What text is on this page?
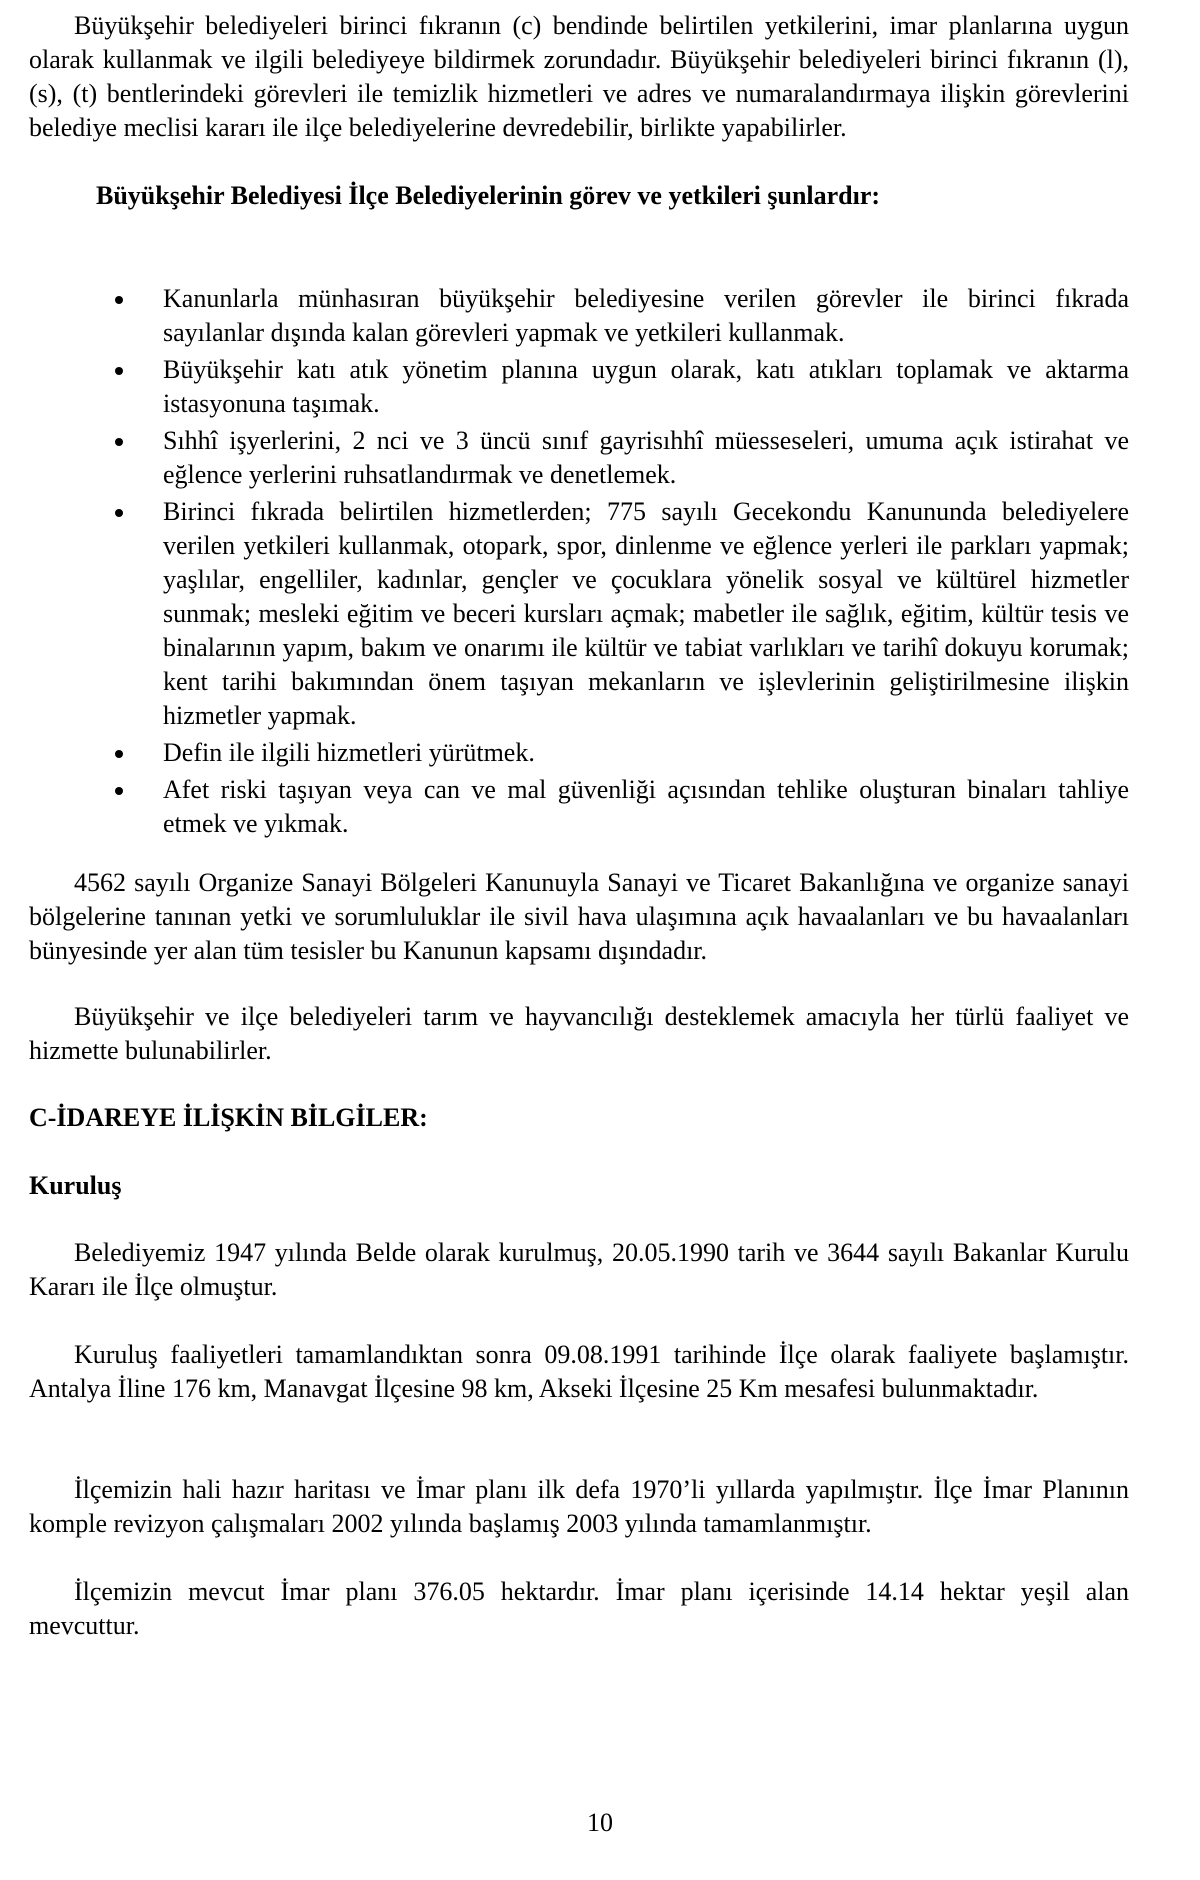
Büyükşehir belediyeleri birinci fıkranın (c) bendinde belirtilen yetkilerini, imar planlarına uygun olarak kullanmak ve ilgili belediyeye bildirmek zorundadır. Büyükşehir belediyeleri birinci fıkranın (l), (s), (t) bentlerindeki görevleri ile temizlik hizmetleri ve adres ve numaralandırmaya ilişkin görevlerini belediye meclisi kararı ile ilçe belediyelerine devredebilir, birlikte yapabilirler.

Büyükşehir Belediyesi İlçe Belediyelerinin görev ve yetkileri şunlardır:

Kanunlarla münhasıran büyükşehir belediyesine verilen görevler ile birinci fıkrada sayılanlar dışında kalan görevleri yapmak ve yetkileri kullanmak.
Büyükşehir katı atık yönetim planına uygun olarak, katı atıkları toplamak ve aktarma istasyonuna taşımak.
Sıhhî işyerlerini, 2 nci ve 3 üncü sınıf gayrisıhhî müesseseleri, umuma açık istirahat ve eğlence yerlerini ruhsatlandırmak ve denetlemek.
Birinci fıkrada belirtilen hizmetlerden; 775 sayılı Gecekondu Kanununda belediyelere verilen yetkileri kullanmak, otopark, spor, dinlenme ve eğlence yerleri ile parkları yapmak; yaşlılar, engelliler, kadınlar, gençler ve çocuklara yönelik sosyal ve kültürel hizmetler sunmak; mesleki eğitim ve beceri kursları açmak; mabetler ile sağlık, eğitim, kültür tesis ve binalarının yapım, bakım ve onarımı ile kültür ve tabiat varlıkları ve tarihî dokuyu korumak; kent tarihi bakımından önem taşıyan mekanların ve işlevlerinin geliştirilmesine ilişkin hizmetler yapmak.
Defin ile ilgili hizmetleri yürütmek.
Afet riski taşıyan veya can ve mal güvenliği açısından tehlike oluşturan binaları tahliye etmek ve yıkmak.

4562 sayılı Organize Sanayi Bölgeleri Kanunuyla Sanayi ve Ticaret Bakanlığına ve organize sanayi bölgelerine tanınan yetki ve sorumluluklar ile sivil hava ulaşımına açık havaalanları ve bu havaalanları bünyesinde yer alan tüm tesisler bu Kanunun kapsamı dışındadır.

Büyükşehir ve ilçe belediyeleri tarım ve hayvancılığı desteklemek amacıyla her türlü faaliyet ve hizmette bulunabilirler.

C-İDAREYE İLİŞKİN BİLGİLER:

Kuruluş

Belediyemiz 1947 yılında Belde olarak kurulmuş, 20.05.1990 tarih ve 3644 sayılı Bakanlar Kurulu Kararı ile İlçe olmuştur.

Kuruluş faaliyetleri tamamlandıktan sonra 09.08.1991 tarihinde İlçe olarak faaliyete başlamıştır. Antalya İline 176 km, Manavgat İlçesine 98 km, Akseki İlçesine 25 Km mesafesi bulunmaktadır.

İlçemizin hali hazır haritası ve İmar planı ilk defa 1970’li yıllarda yapılmıştır. İlçe İmar Planının komple revizyon çalışmaları 2002 yılında başlamış 2003 yılında tamamlanmıştır.

İlçemizin mevcut İmar planı 376.05 hektardır. İmar planı içerisinde 14.14 hektar yeşil alan mevcuttur.

10
